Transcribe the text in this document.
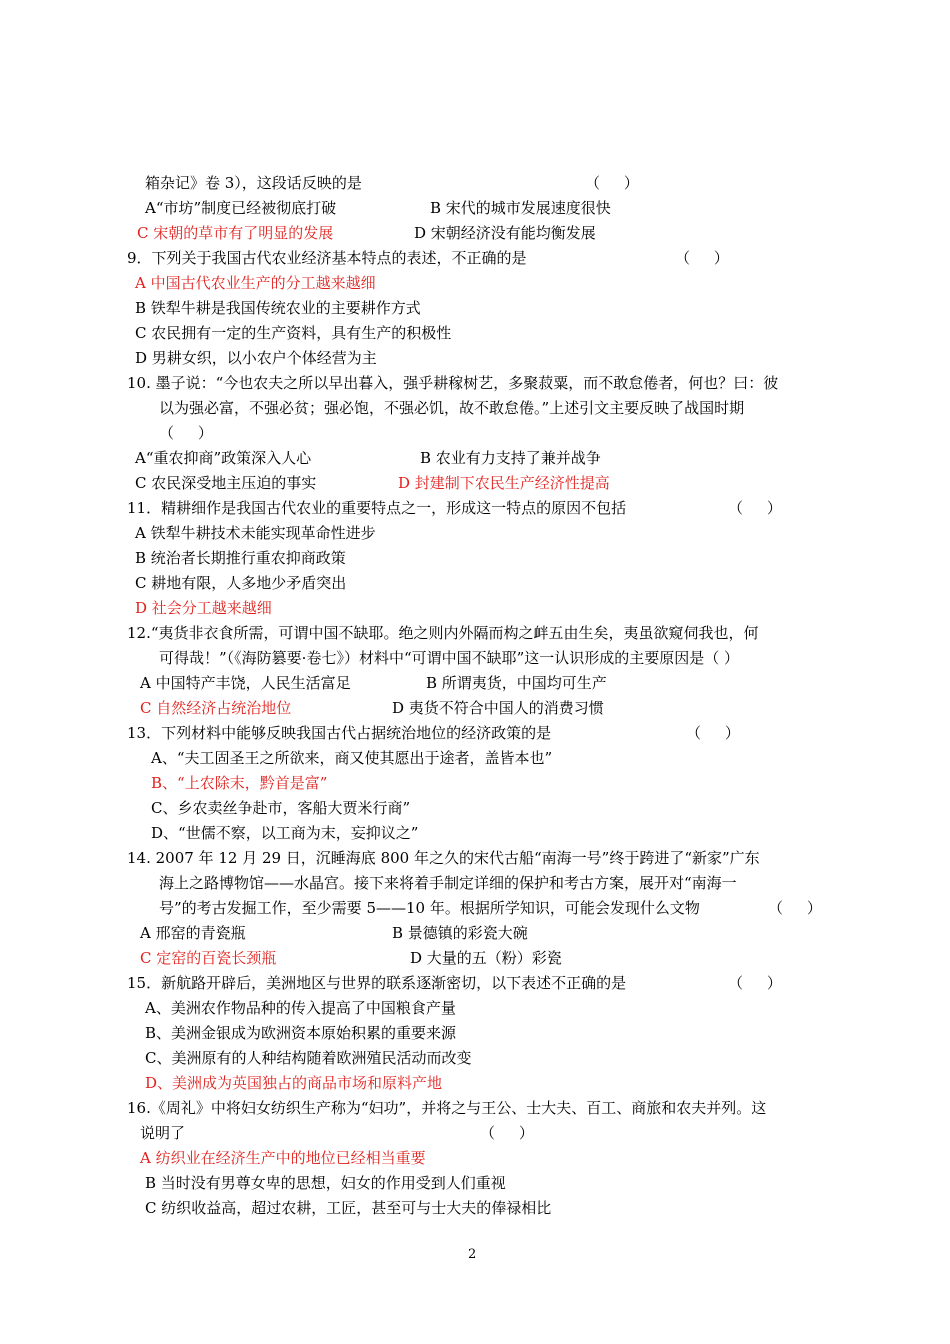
箱杂记》卷 3），这段话反映的是	（     ）
A“市坊”制度已经被彻底打破	B 宋代的城市发展速度很快
C 宋朝的草市有了明显的发展	D 宋朝经济没有能均衡发展
9．下列关于我国古代农业经济基本特点的表述，不正确的是	（     ）
A 中国古代农业生产的分工越来越细
B 铁犁牛耕是我国传统农业的主要耕作方式
C 农民拥有一定的生产资料，具有生产的积极性
D 男耕女织，以小农户个体经营为主
10. 墨子说：“今也农夫之所以早出暮入，强乎耕稼树艺，多聚菽粟，而不敢怠倦者，何也？曰：彼
以为强必富，不强必贫；强必饱，不强必饥，故不敢怠倦。”上述引文主要反映了战国时期
（     ）
A“重农抑商”政策深入人心	B 农业有力支持了兼并战争
C 农民深受地主压迫的事实	D 封建制下农民生产经济性提高
11．精耕细作是我国古代农业的重要特点之一，形成这一特点的原因不包括	（     ）
A 铁犁牛耕技术未能实现革命性进步
B 统治者长期推行重农抑商政策
C 耕地有限，人多地少矛盾突出
D 社会分工越来越细
12.“夷货非衣食所需，可谓中国不缺耶。绝之则内外隔而构之衅五由生矣，夷虽欲窥伺我也，何
可得哉！”（《海防篡要·卷七》）材料中“可谓中国不缺耶”这一认识形成的主要原因是（ ）
A 中国特产丰饶，人民生活富足	B 所谓夷货，中国均可生产
C 自然经济占统治地位	D 夷货不符合中国人的消费习惯
13．下列材料中能够反映我国古代占据统治地位的经济政策的是	（     ）
A、“夫工固圣王之所欲来，商又使其愿出于途者，盖皆本也”
B、“上农除末，黔首是富”
C、乡农卖丝争赴市，客船大贾米行商”
D、“世儒不察，以工商为末，妄抑议之”
14. 2007 年 12 月 29 日，沉睡海底 800 年之久的宋代古船“南海一号”终于跨进了“新家”广东
海上之路博物馆——水晶宫。接下来将着手制定详细的保护和考古方案，展开对“南海一
号”的考古发掘工作，至少需要 5——10 年。根据所学知识，可能会发现什么文物	（     ）
A 邢窑的青瓷瓶	B 景德镇的彩瓷大碗
C 定窑的百瓷长颈瓶	D 大量的五（粉）彩瓷
15．新航路开辟后，美洲地区与世界的联系逐渐密切，以下表述不正确的是	（     ）
A、美洲农作物品种的传入提高了中国粮食产量
B、美洲金银成为欧洲资本原始积累的重要来源
C、美洲原有的人种结构随着欧洲殖民活动而改变
D、美洲成为英国独占的商品市场和原料产地
16.《周礼》中将妇女纺织生产称为“妇功”，并将之与王公、士大夫、百工、商旅和农夫并列。这
说明了	（     ）
A 纺织业在经济生产中的地位已经相当重要
B 当时没有男尊女卑的思想，妇女的作用受到人们重视
C 纺织收益高，超过农耕，工匠，甚至可与士大夫的俸禄相比
2
